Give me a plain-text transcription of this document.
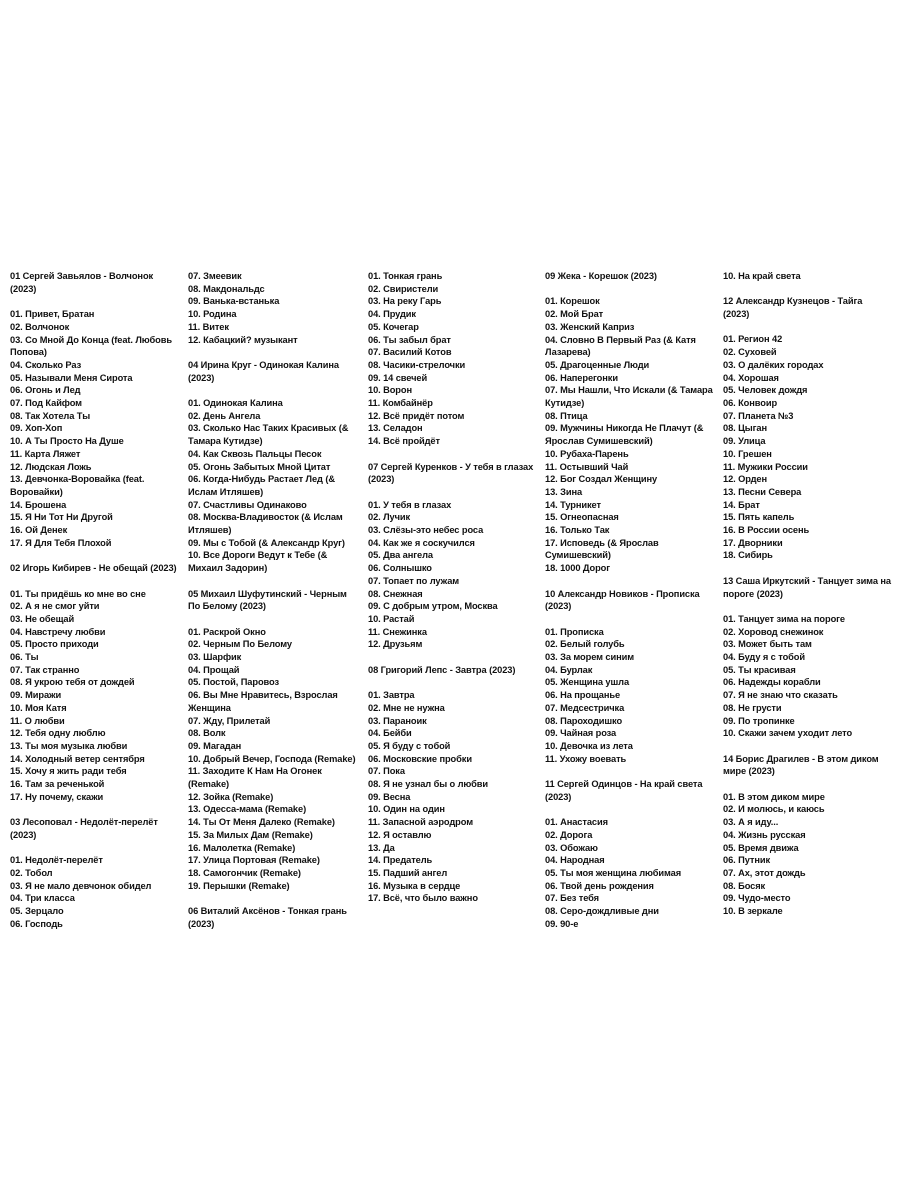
01 Сергей Завьялов - Волчонок (2023)
01. Привет, Братан
02. Волчонок
03. Со Мной До Конца (feat. Любовь Попова)
04. Сколько Раз
05. Называли Меня Сирота
06. Огонь и Лед
07. Под Кайфом
08. Так Хотела Ты
09. Хоп-Хоп
10. А Ты Просто На Душе
11. Карта Ляжет
12. Людская Ложь
13. Девчонка-Воровайка (feat. Воровайки)
14. Брошена
15. Я Ни Тот Ни Другой
16. Ой Денек
17. Я Для Тебя Плохой
02 Игорь Кибирев - Не обещай (2023)
01. Ты придёшь ко мне во сне
02. А я не смог уйти
03. Не обещай
04. Навстречу любви
05. Просто приходи
06. Ты
07. Так странно
08. Я укрою тебя от дождей
09. Миражи
10. Моя Катя
11. О любви
12. Тебя одну люблю
13. Ты моя музыка любви
14. Холодный ветер сентября
15. Хочу я жить ради тебя
16. Там за реченькой
17. Ну почему, скажи
03 Лесоповал - Недолёт-перелёт (2023)
01. Недолёт-перелёт
02. Тобол
03. Я не мало девчонок обидел
04. Три класса
05. Зерцало
06. Господь
07. Змеевик
08. Макдональдс
09. Ванька-встанька
10. Родина
11. Витек
12. Кабацкий? музыкант
04 Ирина Круг - Одинокая Калина (2023)
01. Одинокая Калина
02. День Ангела
03. Сколько Нас Таких Красивых (& Тамара Кутидзе)
04. Как Сквозь Пальцы Песок
05. Огонь Забытых Мной Цитат
06. Когда-Нибудь Растает Лед (& Ислам Итляшев)
07. Счастливы Одинаково
08. Москва-Владивосток (& Ислам Итляшев)
09. Мы с Тобой (& Александр Круг)
10. Все Дороги Ведут к Тебе (& Михаил Задорин)
05 Михаил Шуфутинский - Черным По Белому (2023)
01. Раскрой Окно
02. Черным По Белому
03. Шарфик
04. Прощай
05. Постой, Паровоз
06. Вы Мне Нравитесь, Взрослая Женщина
07. Жду, Прилетай
08. Волк
09. Магадан
10. Добрый Вечер, Господа (Remake)
11. Заходите К Нам На Огонек (Remake)
12. Зойка (Remake)
13. Одесса-мама (Remake)
14. Ты От Меня Далеко (Remake)
15. За Милых Дам (Remake)
16. Малолетка (Remake)
17. Улица Портовая (Remake)
18. Самогончик (Remake)
19. Перышки (Remake)
06 Виталий Аксёнов - Тонкая грань (2023)
01. Тонкая грань
02. Свиристели
03. На реку Гарь
04. Прудик
05. Кочегар
06. Ты забыл брат
07. Василий Котов
08. Часики-стрелочки
09. 14 свечей
10. Ворон
11. Комбайнёр
12. Всё придёт потом
13. Селадон
14. Всё пройдёт
07 Сергей Куренков - У тебя в глазах (2023)
01. У тебя в глазах
02. Лучик
03. Слёзы-это небес роса
04. Как же я соскучился
05. Два ангела
06. Солнышко
07. Топает по лужам
08. Снежная
09. С добрым утром, Москва
10. Растай
11. Снежинка
12. Друзьям
08 Григорий Лепс - Завтра (2023)
01. Завтра
02. Мне не нужна
03. Параноик
04. Бейби
05. Я буду с тобой
06. Московские пробки
07. Пока
08. Я не узнал бы о любви
09. Весна
10. Один на один
11. Запасной аэродром
12. Я оставлю
13. Да
14. Предатель
15. Падший ангел
16. Музыка в сердце
17. Всё, что было важно
09 Жека - Корешок (2023)
01. Корешок
02. Мой Брат
03. Женский Каприз
04. Словно В Первый Раз (& Катя Лазарева)
05. Драгоценные Люди
06. Наперегонки
07. Мы Нашли, Что Искали (& Тамара Кутидзе)
08. Птица
09. Мужчины Никогда Не Плачут (& Ярослав Сумишевский)
10. Рубаха-Парень
11. Остывший Чай
12. Бог Создал Женщину
13. Зина
14. Турникет
15. Огнеопасная
16. Только Так
17. Исповедь (& Ярослав Сумишевский)
18. 1000 Дорог
10 Александр Новиков - Прописка (2023)
01. Прописка
02. Белый голубь
03. За морем синим
04. Бурлак
05. Женщина ушла
06. На прощанье
07. Медсестричка
08. Пароходишко
09. Чайная роза
10. Девочка из лета
11. Ухожу воевать
11 Сергей Одинцов - На край света (2023)
01. Анастасия
02. Дорога
03. Обожаю
04. Народная
05. Ты моя женщина любимая
06. Твой день рождения
07. Без тебя
08. Серо-дождливые дни
09. 90-е
10. На край света
12 Александр Кузнецов - Тайга (2023)
01. Регион 42
02. Суховей
03. О далёких городах
04. Хорошая
05. Человек дождя
06. Конвоир
07. Планета №3
08. Цыган
09. Улица
10. Грешен
11. Мужики России
12. Орден
13. Песни Севера
14. Брат
15. Пять капель
16. В России осень
17. Дворники
18. Сибирь
13 Саша Иркутский - Танцует зима на пороге (2023)
01. Танцует зима на пороге
02. Хоровод снежинок
03. Может быть там
04. Буду я с тобой
05. Ты красивая
06. Надежды корабли
07. Я не знаю что сказать
08. Не грусти
09. По тропинке
10. Скажи зачем уходит лето
14 Борис Драгилев - В этом диком мире (2023)
01. В этом диком мире
02. И молюсь, и каюсь
03. А я иду...
04. Жизнь русская
05. Время движа
06. Путник
07. Ах, этот дождь
08. Босяк
09. Чудо-место
10. В зеркале
